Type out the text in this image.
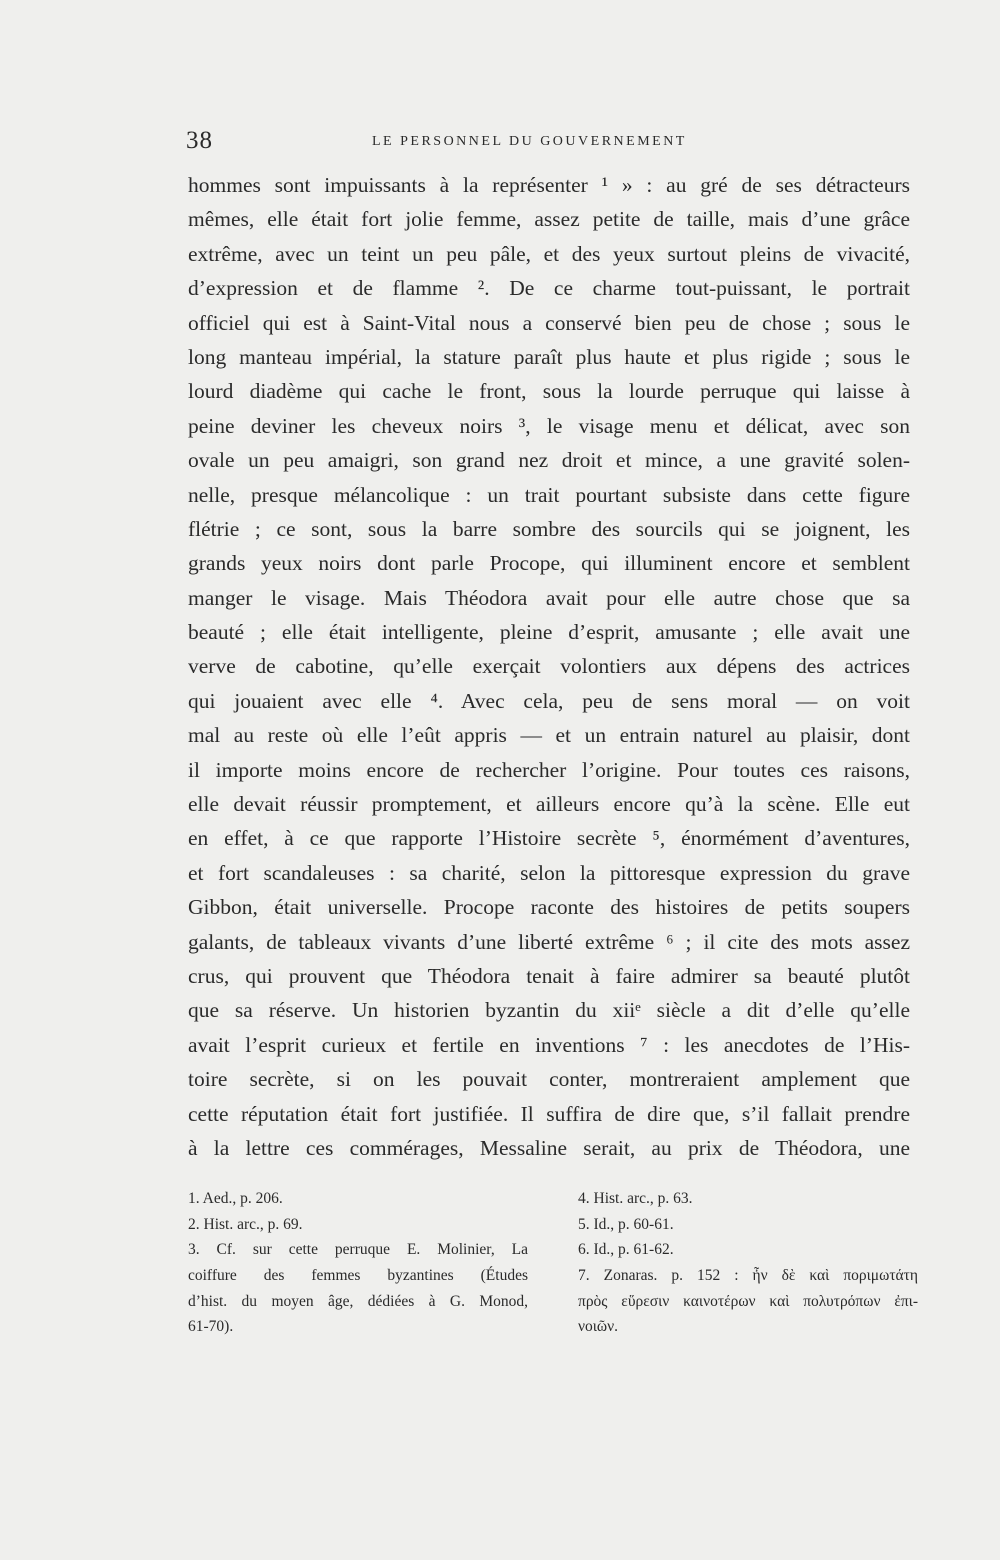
38	LE PERSONNEL DU GOUVERNEMENT
hommes sont impuissants à la représenter ¹ » : au gré de ses détracteurs
mêmes, elle était fort jolie femme, assez petite de taille, mais d’une grâce
extrême, avec un teint un peu pâle, et des yeux surtout pleins de vivacité,
d’expression et de flamme ². De ce charme tout-puissant, le portrait
officiel qui est à Saint-Vital nous a conservé bien peu de chose ; sous le
long manteau impérial, la stature paraît plus haute et plus rigide ; sous le
lourd diadème qui cache le front, sous la lourde perruque qui laisse à
peine deviner les cheveux noirs ³, le visage menu et délicat, avec son
ovale un peu amaigri, son grand nez droit et mince, a une gravité solen-
nelle, presque mélancolique : un trait pourtant subsiste dans cette figure
flétrie ; ce sont, sous la barre sombre des sourcils qui se joignent, les
grands yeux noirs dont parle Procope, qui illuminent encore et semblent
manger le visage. Mais Théodora avait pour elle autre chose que sa
beauté ; elle était intelligente, pleine d’esprit, amusante ; elle avait une
verve de cabotine, qu’elle exerçait volontiers aux dépens des actrices
qui jouaient avec elle ⁴. Avec cela, peu de sens moral — on voit
mal au reste où elle l’eût appris — et un entrain naturel au plaisir, dont
il importe moins encore de rechercher l’origine. Pour toutes ces raisons,
elle devait réussir promptement, et ailleurs encore qu’à la scène. Elle eut
en effet, à ce que rapporte l’Histoire secrète ⁵, énormément d’aventures,
et fort scandaleuses : sa charité, selon la pittoresque expression du grave
Gibbon, était universelle. Procope raconte des histoires de petits soupers
galants, de tableaux vivants d’une liberté extrême ⁶ ; il cite des mots assez
crus, qui prouvent que Théodora tenait à faire admirer sa beauté plutôt
que sa réserve. Un historien byzantin du xiiᵉ siècle a dit d’elle qu’elle
avait l’esprit curieux et fertile en inventions ⁷ : les anecdotes de l’His-
toire secrète, si on les pouvait conter, montreraient amplement que
cette réputation était fort justifiée. Il suffira de dire que, s’il fallait prendre
à la lettre ces commérages, Messaline serait, au prix de Théodora, une
1. Aed., p. 206.
2. Hist. arc., p. 69.
3. Cf. sur cette perruque E. Molinier, La
coiffure des femmes byzantines (Études
d’hist. du moyen âge, dédiées à G. Monod,
61-70).
4. Hist. arc., p. 63.
5. Id., p. 60-61.
6. Id., p. 61-62.
7. Zonaras. p. 152 : ἦν δὲ καὶ ποριμωτάτη
πρὸς εὕρεσιν καινοτέρων καὶ πολυτρόπων ἐπι-
νοιῶν.
